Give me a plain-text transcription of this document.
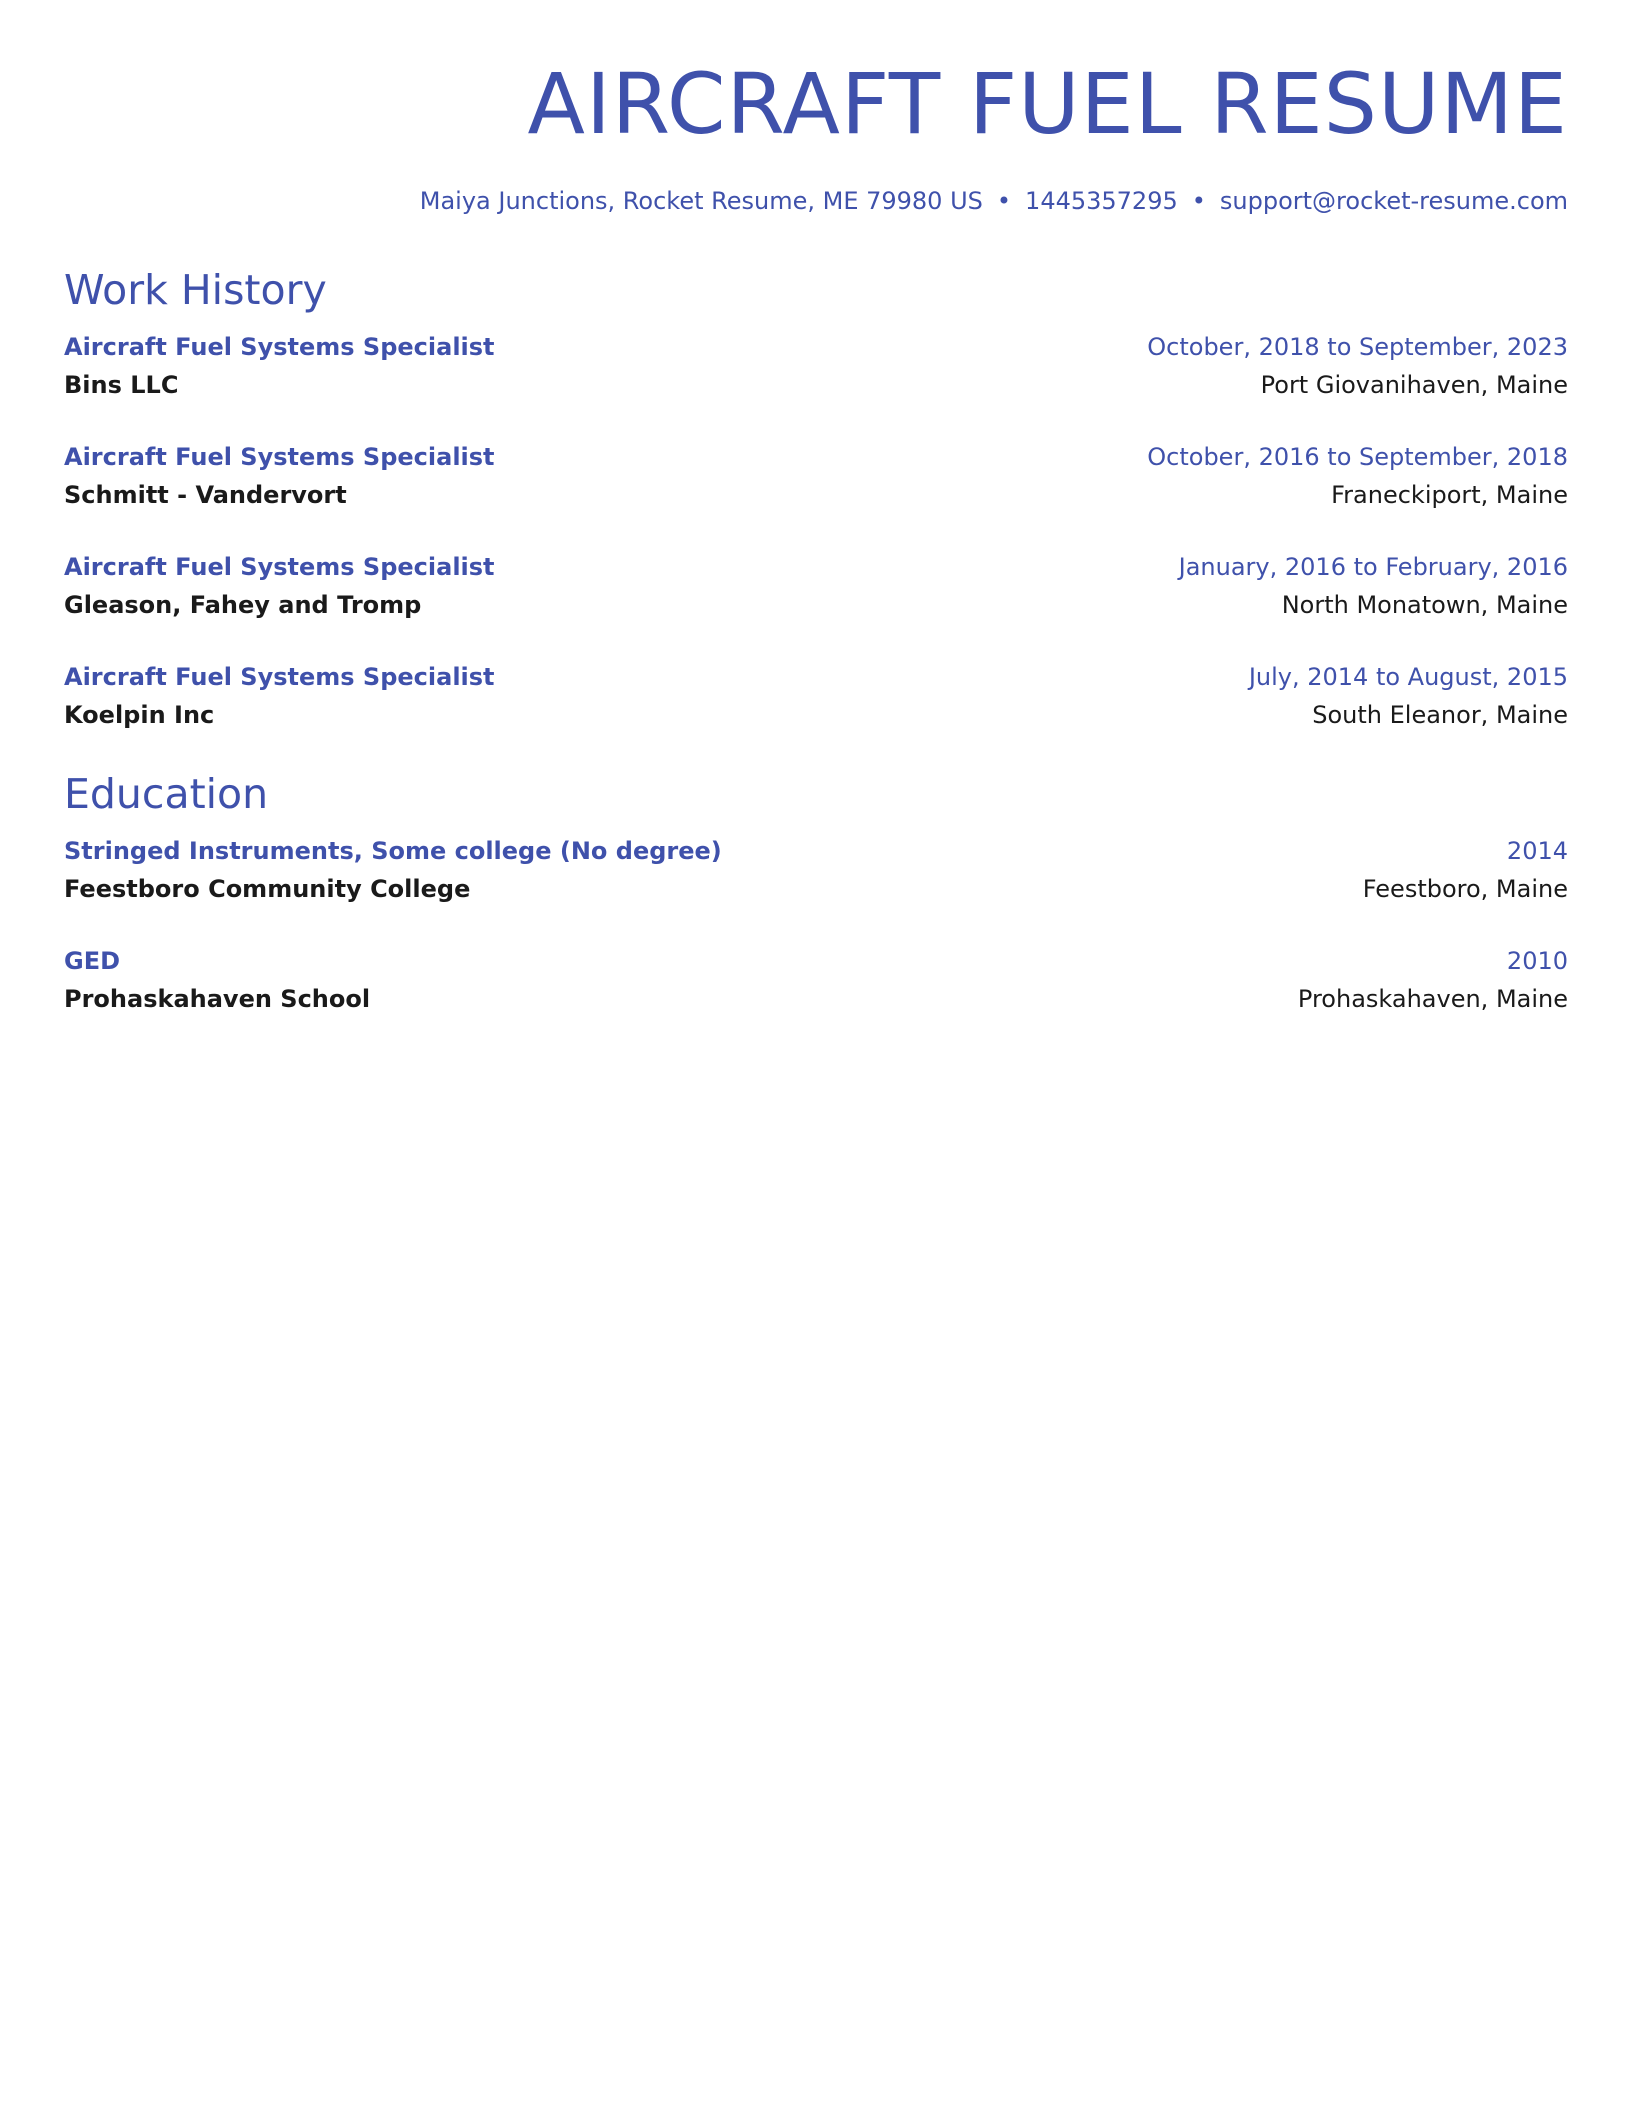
AIRCRAFT FUEL RESUME
Maiya Junctions, Rocket Resume, ME 79980 US • 1445357295 • support@rocket-resume.com
Work History
Aircraft Fuel Systems Specialist	October, 2018 to September, 2023
Bins LLC	Port Giovanihaven, Maine
Aircraft Fuel Systems Specialist	October, 2016 to September, 2018
Schmitt - Vandervort	Franeckiport, Maine
Aircraft Fuel Systems Specialist	January, 2016 to February, 2016
Gleason, Fahey and Tromp	North Monatown, Maine
Aircraft Fuel Systems Specialist	July, 2014 to August, 2015
Koelpin Inc	South Eleanor, Maine
Education
Stringed Instruments, Some college (No degree)	2014
Feestboro Community College	Feestboro, Maine
GED	2010
Prohaskahaven School	Prohaskahaven, Maine
